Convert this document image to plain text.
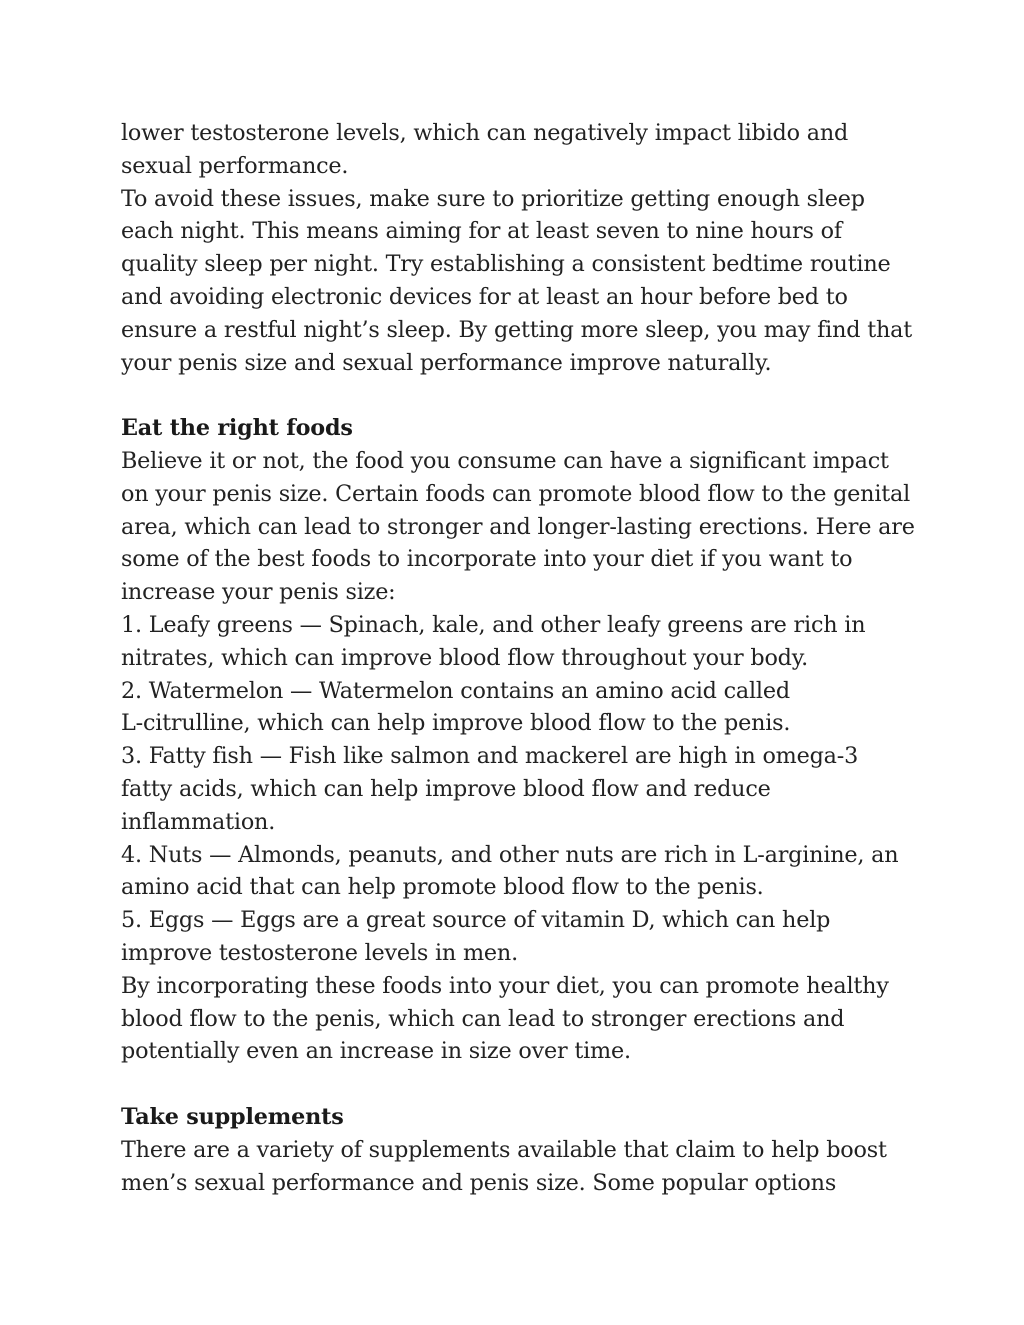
lower testosterone levels, which can negatively impact libido and
sexual performance.

To avoid these issues, make sure to prioritize getting enough sleep
each night. This means aiming for at least seven to nine hours of
quality sleep per night. Try establishing a consistent bedtime routine
and avoiding electronic devices for at least an hour before bed to
ensure a restful night’s sleep. By getting more sleep, you may find that
your penis size and sexual performance improve naturally.

Eat the right foods

Believe it or not, the food you consume can have a significant impact
on your penis size. Certain foods can promote blood flow to the genital
area, which can lead to stronger and longer-lasting erections. Here are
some of the best foods to incorporate into your diet if you want to
increase your penis size:

1. Leafy greens — Spinach, kale, and other leafy greens are rich in
nitrates, which can improve blood flow throughout your body.

2. Watermelon — Watermelon contains an amino acid called
L-citrulline, which can help improve blood flow to the penis.

3. Fatty fish — Fish like salmon and mackerel are high in omega-3
fatty acids, which can help improve blood flow and reduce
inflammation.

4. Nuts — Almonds, peanuts, and other nuts are rich in L-arginine, an
amino acid that can help promote blood flow to the penis.

5. Eggs — Eggs are a great source of vitamin D, which can help
improve testosterone levels in men.

By incorporating these foods into your diet, you can promote healthy
blood flow to the penis, which can lead to stronger erections and
potentially even an increase in size over time.

Take supplements

There are a variety of supplements available that claim to help boost
men’s sexual performance and penis size. Some popular options
